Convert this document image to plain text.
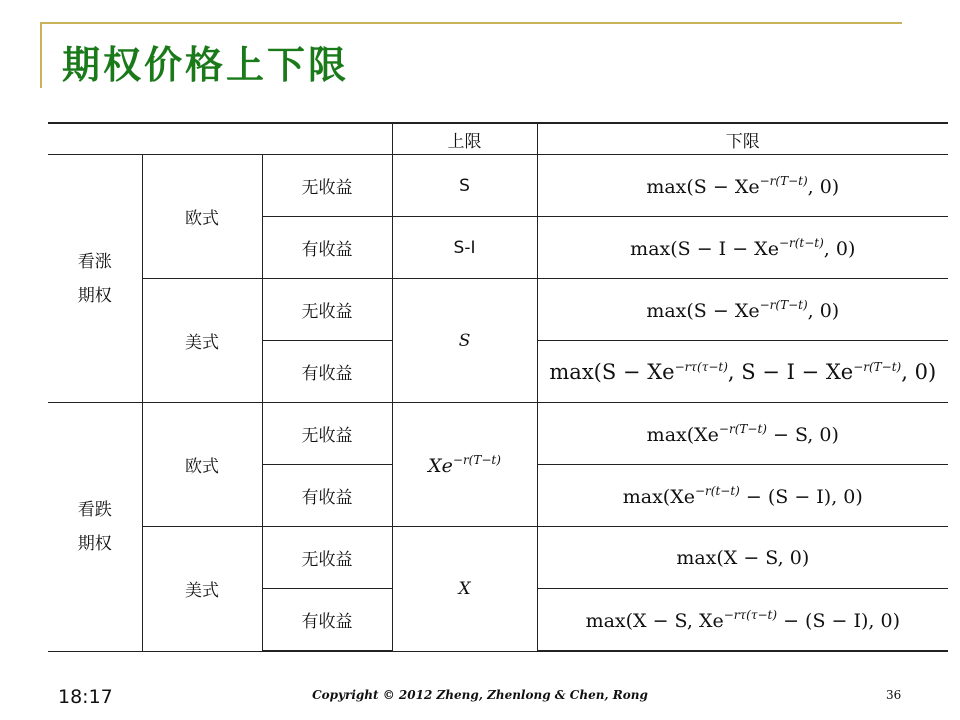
期权价格上下限
			上限	下限

看涨
期权	欧式	无收益	S	$\max(S - Xe^{-r(T-t)}$, 0)
		有收益	S-I	$\max(S - I - Xe^{-r(t-t)}$, 0)
	美式	无收益	S	$\max(S - Xe^{-r(T-t)}$, 0)
		有收益		$\max(S - Xe^{-r\tau(\tau-t)}$, $S - I - Xe^{-r(T-t)}$, 0)

看跌
期权	欧式	无收益	$Xe^{-r(T-t)}$	$\max(Xe^{-r(T-t)} - S$, 0)
		有收益		$\max(Xe^{-r(t-t)} - (S - I)$, 0)
	美式	无收益	X	max(X − S, 0)
		有收益		max(X − S, $Xe^{-r\tau(\tau-t)} - (S - I)$, 0)
18:17	Copyright © 2012 Zheng, Zhenlong & Chen, Rong	36
